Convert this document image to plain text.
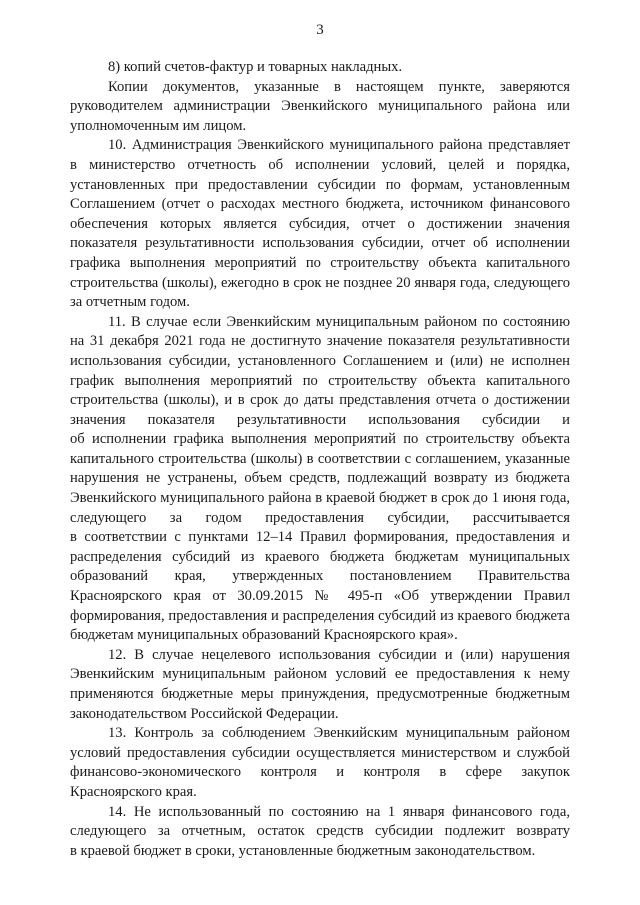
3
8) копий счетов-фактур и товарных накладных.
Копии документов, указанные в настоящем пункте, заверяются
руководителем администрации Эвенкийского муниципального района или
уполномоченным им лицом.
10. Администрация Эвенкийского муниципального района представляет
в министерство отчетность об исполнении условий, целей и порядка,
установленных при предоставлении субсидии по формам, установленным
Соглашением (отчет о расходах местного бюджета, источником финансового
обеспечения которых является субсидия, отчет о достижении значения
показателя результативности использования субсидии, отчет об исполнении
графика выполнения мероприятий по строительству объекта капитального
строительства (школы), ежегодно в срок не позднее 20 января года, следующего
за отчетным годом.
11. В случае если Эвенкийским муниципальным районом по состоянию
на 31 декабря 2021 года не достигнуто значение показателя результативности
использования субсидии, установленного Соглашением и (или) не исполнен
график выполнения мероприятий по строительству объекта капитального
строительства (школы), и в срок до даты представления отчета о достижении
значения показателя результативности использования субсидии и
об исполнении графика выполнения мероприятий по строительству объекта
капитального строительства (школы) в соответствии с соглашением, указанные
нарушения не устранены, объем средств, подлежащий возврату из бюджета
Эвенкийского муниципального района в краевой бюджет в срок до 1 июня года,
следующего за годом предоставления субсидии, рассчитывается
в соответствии с пунктами 12–14 Правил формирования, предоставления и
распределения субсидий из краевого бюджета бюджетам муниципальных
образований края, утвержденных постановлением Правительства
Красноярского края от 30.09.2015 № 495-п «Об утверждении Правил
формирования, предоставления и распределения субсидий из краевого бюджета
бюджетам муниципальных образований Красноярского края».
12. В случае нецелевого использования субсидии и (или) нарушения
Эвенкийским муниципальным районом условий ее предоставления к нему
применяются бюджетные меры принуждения, предусмотренные бюджетным
законодательством Российской Федерации.
13. Контроль за соблюдением Эвенкийским муниципальным районом
условий предоставления субсидии осуществляется министерством и службой
финансово-экономического контроля и контроля в сфере закупок
Красноярского края.
14. Не использованный по состоянию на 1 января финансового года,
следующего за отчетным, остаток средств субсидии подлежит возврату
в краевой бюджет в сроки, установленные бюджетным законодательством.
